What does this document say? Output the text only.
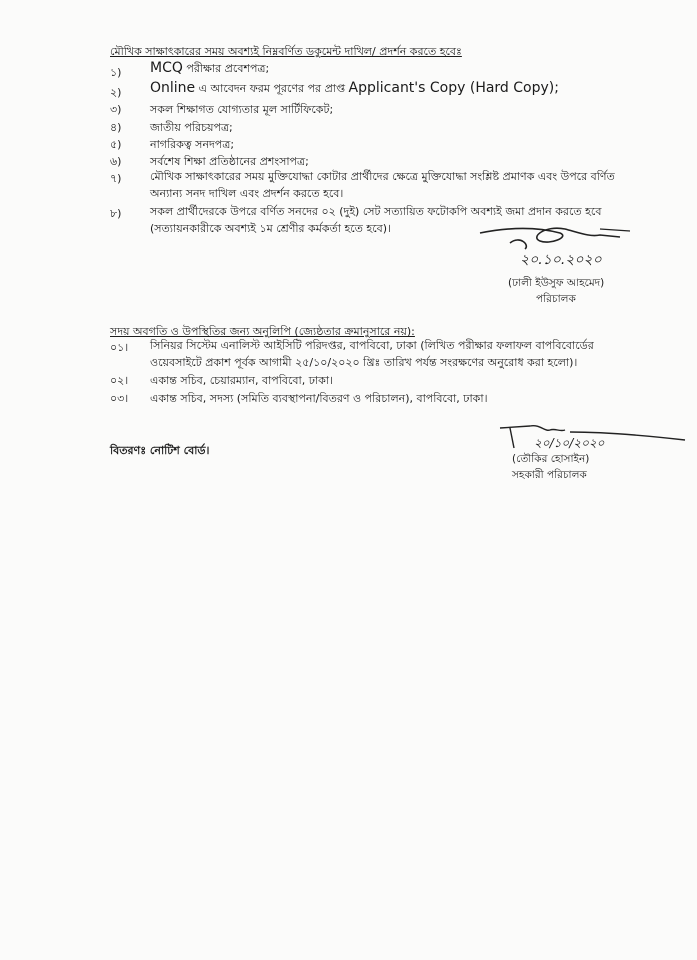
মৌখিক সাক্ষাৎকারের সময় অবশ্যই নিম্নবর্ণিত ডকুমেন্ট দাখিল/ প্রদর্শন করতে হবেঃ
১) MCQ পরীক্ষার প্রবেশপত্র;
২) Online এ আবেদন ফরম পূরণের পর প্রাপ্ত Applicant's Copy (Hard Copy);
৩)	সকল শিক্ষাগত যোগ্যতার মূল সার্টিফিকেট;
৪)	জাতীয় পরিচয়পত্র;
৫)	নাগরিকত্ব সনদপত্র;
৬)	সর্বশেষ শিক্ষা প্রতিষ্ঠানের প্রশংসাপত্র;
৭)	মৌখিক সাক্ষাৎকারের সময় মুক্তিযোদ্ধা কোটার প্রার্থীদের ক্ষেত্রে মুক্তিযোদ্ধা সংশ্লিষ্ট প্রমাণক এবং উপরে বর্ণিত অন্যান্য সনদ দাখিল এবং প্রদর্শন করতে হবে।
৮)	সকল প্রার্থীদেরকে উপরে বর্ণিত সনদের ০২ (দুই) সেট সত্যায়িত ফটোকপি অবশ্যই জমা প্রদান করতে হবে (সত্যায়নকারীকে অবশ্যই ১ম শ্রেণীর কর্মকর্তা হতে হবে)।
২০.১০.২০২০
(ঢালী ইউসুফ আহমেদ)
পরিচালক
সদয় অবগতি ও উপস্থিতির জন্য অনুলিপি (জ্যেষ্ঠতার ক্রমানুসারে নয়):
০১। সিনিয়র সিস্টেম এনালিস্ট আইসিটি পরিদপ্তর, বাপবিবো, ঢাকা (লিখিত পরীক্ষার ফলাফল বাপবিবোর্ডের ওয়েবসাইটে প্রকাশ পূর্বক আগামী ২৫/১০/২০২০ খ্রিঃ তারিখ পর্যন্ত সংরক্ষণের অনুরোধ করা হলো)।
০২। একান্ত সচিব, চেয়ারম্যান, বাপবিবো, ঢাকা।
০৩। একান্ত সচিব, সদস্য (সমিতি ব্যবস্থাপনা/বিতরণ ও পরিচালন), বাপবিবো, ঢাকা।
বিতরণঃ নোটিশ বোর্ড।
২০/১০/২০২০
(তৌকির হোসাইন)
সহকারী পরিচালক
